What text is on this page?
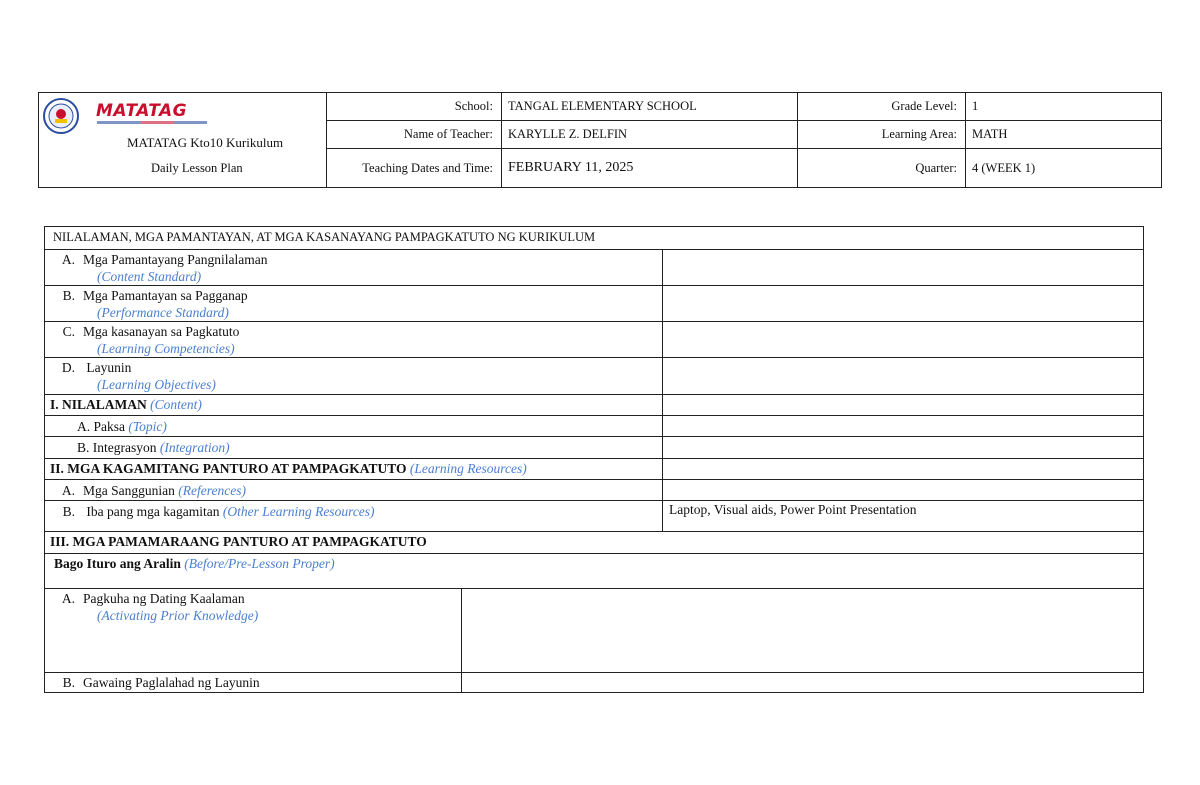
MATATAG
MATATAG Kto10 Kurikulum
Daily Lesson Plan
School:	TANGAL ELEMENTARY SCHOOL	Grade Level:	1
Name of Teacher:	KARYLLE Z. DELFIN	Learning Area:	MATH
Teaching Dates and Time:	FEBRUARY 11, 2025	Quarter:	4 (WEEK 1)
NILALAMAN, MGA PAMANTAYAN, AT MGA KASANAYANG PAMPAGKATUTO NG KURIKULUM
A. Mga Pamantayang Pangnilalaman
(Content Standard)
B. Mga Pamantayan sa Pagganap
(Performance Standard)
C. Mga kasanayan sa Pagkatuto
(Learning Competencies)
D. Layunin
(Learning Objectives)
I. NILALAMAN (Content)
A. Paksa (Topic)
B. Integrasyon (Integration)
II. MGA KAGAMITANG PANTURO AT PAMPAGKATUTO (Learning Resources)
A. Mga Sanggunian (References)
B. Iba pang mga kagamitan (Other Learning Resources)	Laptop, Visual aids, Power Point Presentation
III. MGA PAMAMARAANG PANTURO AT PAMPAGKATUTO
Bago Ituro ang Aralin (Before/Pre-Lesson Proper)
A. Pagkuha ng Dating Kaalaman
(Activating Prior Knowledge)
B. Gawaing Paglalahad ng Layunin
